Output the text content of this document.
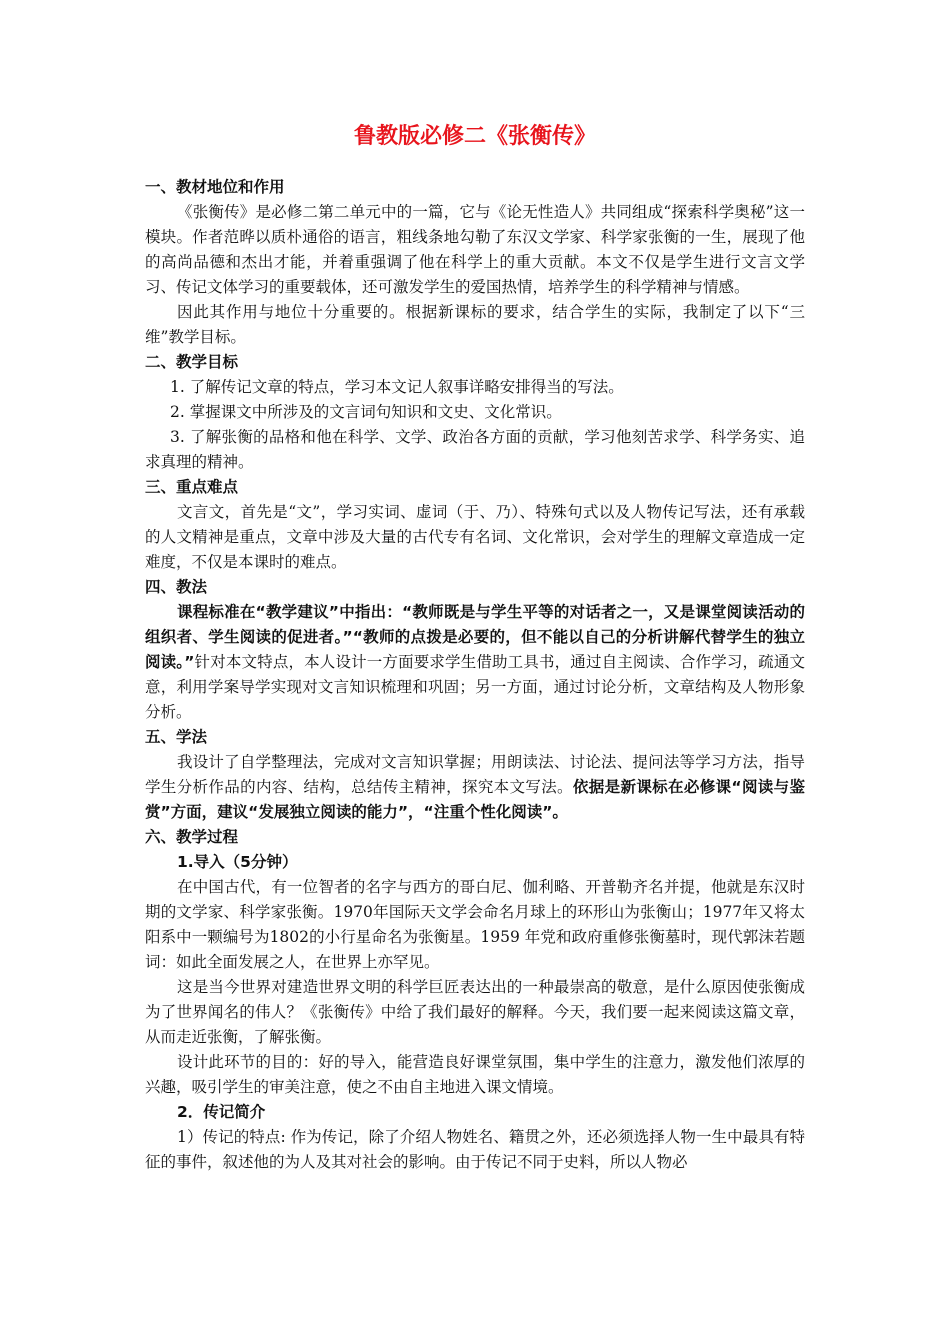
鲁教版必修二《张衡传》
一、教材地位和作用
《张衡传》是必修二第二单元中的一篇，它与《论无性造人》共同组成“探索科学奥秘”这一模块。作者范晔以质朴通俗的语言，粗线条地勾勒了东汉文学家、科学家张衡的一生，展现了他的高尚品德和杰出才能，并着重强调了他在科学上的重大贡献。本文不仅是学生进行文言文学习、传记文体学习的重要载体，还可激发学生的爱国热情，培养学生的科学精神与情感。
因此其作用与地位十分重要的。根据新课标的要求，结合学生的实际，我制定了以下“三维”教学目标。
二、教学目标
1. 了解传记文章的特点，学习本文记人叙事详略安排得当的写法。
2. 掌握课文中所涉及的文言词句知识和文史、文化常识。
3. 了解张衡的品格和他在科学、文学、政治各方面的贡献，学习他刻苦求学、科学务实、追求真理的精神。
三、重点难点
文言文，首先是“文”，学习实词、虚词（于、乃）、特殊句式以及人物传记写法，还有承载的人文精神是重点，文章中涉及大量的古代专有名词、文化常识，会对学生的理解文章造成一定难度，不仅是本课时的难点。
四、教法
课程标准在“教学建议”中指出：“教师既是与学生平等的对话者之一，又是课堂阅读活动的组织者、学生阅读的促进者。”“教师的点拨是必要的，但不能以自己的分析讲解代替学生的独立阅读。”针对本文特点，本人设计一方面要求学生借助工具书，通过自主阅读、合作学习，疏通文意，利用学案导学实现对文言知识梳理和巩固；另一方面，通过讨论分析，文章结构及人物形象分析。
五、学法
我设计了自学整理法，完成对文言知识掌握；用朗读法、讨论法、提问法等学习方法，指导学生分析作品的内容、结构，总结传主精神，探究本文写法。依据是新课标在必修课“阅读与鉴赏”方面，建议“发展独立阅读的能力”，“注重个性化阅读”。
六、教学过程
1.导入（5分钟）
在中国古代，有一位智者的名字与西方的哥白尼、伽利略、开普勒齐名并提，他就是东汉时期的文学家、科学家张衡。1970年国际天文学会命名月球上的环形山为张衡山；1977年又将太阳系中一颗编号为1802的小行星命名为张衡星。1959 年党和政府重修张衡墓时，现代郭沫若题词：如此全面发展之人，在世界上亦罕见。
这是当今世界对建造世界文明的科学巨匠表达出的一种最崇高的敬意，是什么原因使张衡成为了世界闻名的伟人？《张衡传》中给了我们最好的解释。今天，我们要一起来阅读这篇文章，从而走近张衡，了解张衡。
设计此环节的目的：好的导入，能营造良好课堂氛围，集中学生的注意力，激发他们浓厚的兴趣，吸引学生的审美注意，使之不由自主地进入课文情境。
2．传记简介
1）传记的特点: 作为传记，除了介绍人物姓名、籍贯之外，还必须选择人物一生中最具有特征的事件，叙述他的为人及其对社会的影响。由于传记不同于史料，所以人物必
